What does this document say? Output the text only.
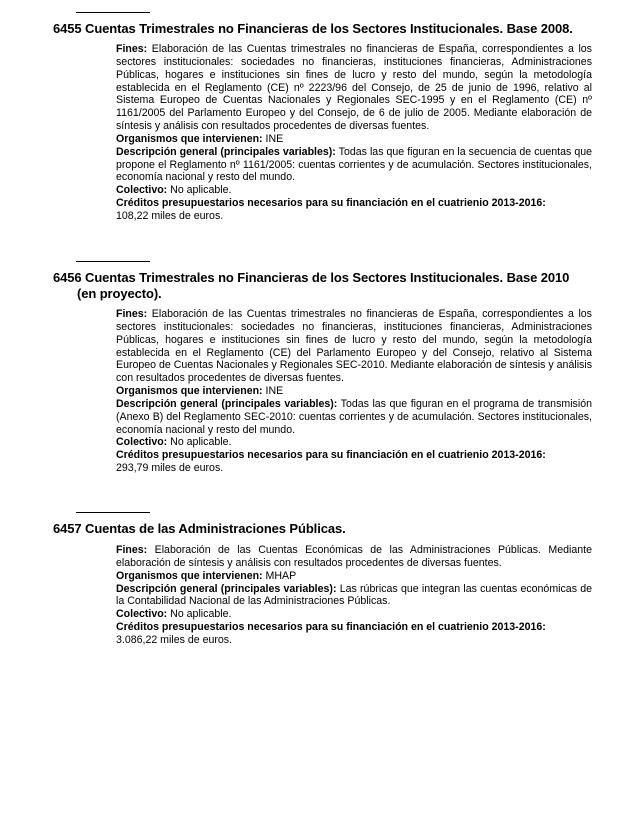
6455 Cuentas Trimestrales no Financieras de los Sectores Institucionales. Base 2008.

Fines: Elaboración de las Cuentas trimestrales no financieras de España, correspondientes a los sectores institucionales: sociedades no financieras, instituciones financieras, Administraciones Públicas, hogares e instituciones sin fines de lucro y resto del mundo, según la metodología establecida en el Reglamento (CE) nº 2223/96 del Consejo, de 25 de junio de 1996, relativo al Sistema Europeo de Cuentas Nacionales y Regionales SEC-1995 y en el Reglamento (CE) nº 1161/2005 del Parlamento Europeo y del Consejo, de 6 de julio de 2005. Mediante elaboración de síntesis y análisis con resultados procedentes de diversas fuentes.

Organismos que intervienen: INE

Descripción general (principales variables): Todas las que figuran en la secuencia de cuentas que propone el Reglamento nº 1161/2005: cuentas corrientes y de acumulación. Sectores institucionales, economía nacional y resto del mundo.

Colectivo: No aplicable.

Créditos presupuestarios necesarios para su financiación en el cuatrienio 2013-2016:
108,22 miles de euros.

6456 Cuentas Trimestrales no Financieras de los Sectores Institucionales. Base 2010
(en proyecto).

Fines: Elaboración de las Cuentas trimestrales no financieras de España, correspondientes a los sectores institucionales: sociedades no financieras, instituciones financieras, Administraciones Públicas, hogares e instituciones sin fines de lucro y resto del mundo, según la metodología establecida en el Reglamento (CE) del Parlamento Europeo y del Consejo, relativo al Sistema Europeo de Cuentas Nacionales y Regionales SEC-2010. Mediante elaboración de síntesis y análisis con resultados procedentes de diversas fuentes.

Organismos que intervienen: INE

Descripción general (principales variables): Todas las que figuran en el programa de transmisión (Anexo B) del Reglamento SEC-2010: cuentas corrientes y de acumulación. Sectores institucionales, economía nacional y resto del mundo.

Colectivo: No aplicable.

Créditos presupuestarios necesarios para su financiación en el cuatrienio 2013-2016:
293,79 miles de euros.

6457 Cuentas de las Administraciones Públicas.

Fines: Elaboración de las Cuentas Económicas de las Administraciones Públicas. Mediante elaboración de síntesis y análisis con resultados procedentes de diversas fuentes.

Organismos que intervienen: MHAP

Descripción general (principales variables): Las rúbricas que integran las cuentas económicas de la Contabilidad Nacional de las Administraciones Públicas.

Colectivo: No aplicable.

Créditos presupuestarios necesarios para su financiación en el cuatrienio 2013-2016:
3.086,22 miles de euros.
